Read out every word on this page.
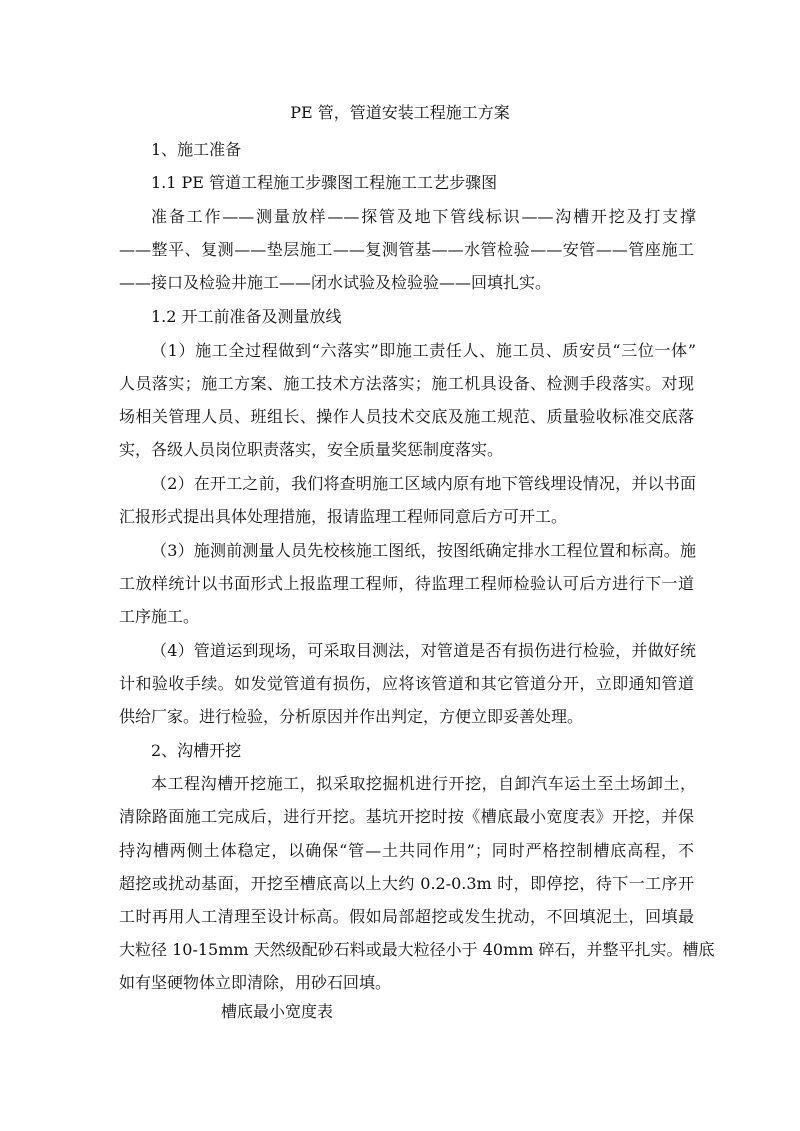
PE 管，管道安装工程施工方案
1、施工准备
1.1 PE 管道工程施工步骤图工程施工工艺步骤图
准备工作——测量放样——探管及地下管线标识——沟槽开挖及打支撑
——整平、复测——垫层施工——复测管基——水管检验——安管——管座施工
——接口及检验井施工——闭水试验及检验验——回填扎实。
1.2 开工前准备及测量放线
（1）施工全过程做到“六落实”即施工责任人、施工员、质安员“三位一体”
人员落实；施工方案、施工技术方法落实；施工机具设备、检测手段落实。对现
场相关管理人员、班组长、操作人员技术交底及施工规范、质量验收标准交底落
实，各级人员岗位职责落实，安全质量奖惩制度落实。
（2）在开工之前，我们将查明施工区域内原有地下管线埋设情况，并以书面
汇报形式提出具体处理措施，报请监理工程师同意后方可开工。
（3）施测前测量人员先校核施工图纸，按图纸确定排水工程位置和标高。施
工放样统计以书面形式上报监理工程师，待监理工程师检验认可后方进行下一道
工序施工。
（4）管道运到现场，可采取目测法，对管道是否有损伤进行检验，并做好统
计和验收手续。如发觉管道有损伤，应将该管道和其它管道分开，立即通知管道
供给厂家。进行检验，分析原因并作出判定，方便立即妥善处理。
2、沟槽开挖
本工程沟槽开挖施工，拟采取挖掘机进行开挖，自卸汽车运土至土场卸土，
清除路面施工完成后，进行开挖。基坑开挖时按《槽底最小宽度表》开挖，并保
持沟槽两侧土体稳定，以确保“管—土共同作用”；同时严格控制槽底高程，不
超挖或扰动基面，开挖至槽底高以上大约 0.2-0.3m 时，即停挖，待下一工序开
工时再用人工清理至设计标高。假如局部超挖或发生扰动，不回填泥土，回填最
大粒径 10-15mm 天然级配砂石料或最大粒径小于 40mm 碎石，并整平扎实。槽底
如有坚硬物体立即清除，用砂石回填。
槽底最小宽度表
